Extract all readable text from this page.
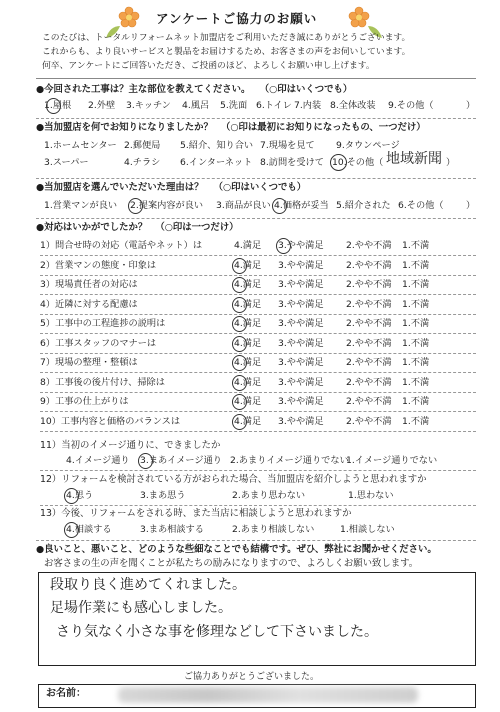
アンケートご協力のお願い
このたびは、トータルリフォームネット加盟店をご利用いただき誠にありがとうございます。
これからも、より良いサービスと製品をお届けするため、お客さまの声をお伺いしています。
何卒、アンケートにご回答いただき、ご投函のほど、よろしくお願い申し上げます。
●今回された工事は？主な部位を教えてください。 （○印はいくつでも）
1.屋根 2.外壁 3.キッチン 4.風呂 5.洗面 6.トイレ 7.内装 8.全体改装 9.その他（	）
●当加盟店を何でお知りになりましたか？ （○印は最初にお知りになったもの、一つだけ）
1.ホームセンター 2.郵便局 5.紹介、知り合い 7.現場を見て 9.タウンページ
3.スーパー	4.チラシ 6.インターネット 8.訪問を受けて 10.その他（	）
地域新聞
●当加盟店を選んでいただいた理由は？ （○印はいくつでも）
1.営業マンが良い 2.提案内容が良い 3.商品が良い 4.価格が妥当 5.紹介された 6.その他（ ）
●対応はいかがでしたか？ （○印は一つだけ）
1）問合せ時の対応（電話やネット）は	4.満足 3.やや満足 2.やや不満 1.不満
2）営業マンの態度・印象は	4.満足 3.やや満足 2.やや不満 1.不満
3）現場責任者の対応は	4.満足 3.やや満足 2.やや不満 1.不満
4）近隣に対する配慮は	4.満足 3.やや満足 2.やや不満 1.不満
5）工事中の工程進捗の説明は	4.満足 3.やや満足 2.やや不満 1.不満
6）工事スタッフのマナーは	4.満足 3.やや満足 2.やや不満 1.不満
7）現場の整理・整頓は	4.満足 3.やや満足 2.やや不満 1.不満
8）工事後の後片付け、掃除は	4.満足 3.やや満足 2.やや不満 1.不満
9）工事の仕上がりは	4.満足 3.やや満足 2.やや不満 1.不満
10）工事内容と価格のバランスは	4.満足 3.やや満足 2.やや不満 1.不満
11）当初のイメージ通りに、できましたか
4.イメージ通り 3.まあイメージ通り 2.あまりイメージ通りでない
1.イメージ通りでない
12）リフォームを検討されている方がおられた場合、当加盟店を紹介しようと思われますか
4.思う	3.まあ思う	2.あまり思わない	1.思わない
13）今後、リフォームをされる時、また当店に相談しようと思われますか
4.相談する	3.まあ相談する	2.あまり相談しない	1.相談しない
●良いこと、悪いこと、どのような些細なことでも結構です。ぜひ、弊社にお聞かせください。
お客さまの生の声を聞くことが私たちの励みになりますので、よろしくお願い致します。
段取り良く進めてくれました。
足場作業にも感心しました。
さり気なく小さな事を修理などして下さいました。
ご協力ありがとうございました。
お名前：
